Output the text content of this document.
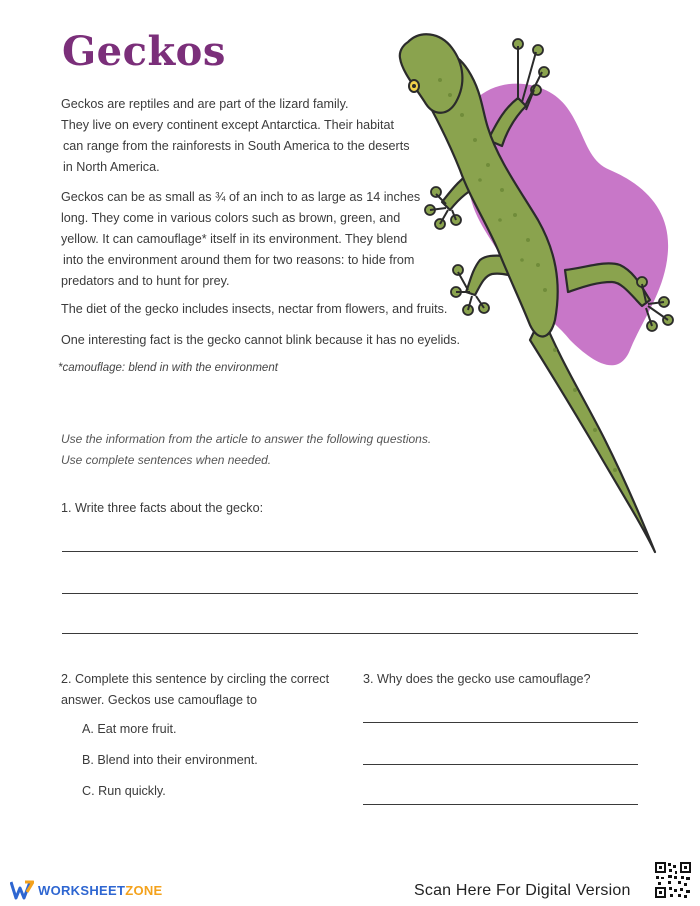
Geckos

Geckos are reptiles and are part of the lizard family.
They live on every continent except Antarctica. Their habitat
can range from the rainforests in South America to the deserts
in North America.

Geckos can be as small as ¾ of an inch to as large as 14 inches
long. They come in various colors such as brown, green, and
yellow. It can camouflage* itself in its environment. They blend
into the environment around them for two reasons: to hide from
predators and to hunt for prey.

The diet of the gecko includes insects, nectar from flowers, and fruits.

One interesting fact is the gecko cannot blink because it has no eyelids.

*camouflage: blend in with the environment

Use the information from the article to answer the following questions.
Use complete sentences when needed.

1. Write three facts about the gecko:

2. Complete this sentence by circling the correct
answer. Geckos use camouflage to

A. Eat more fruit.

B. Blend into their environment.

C. Run quickly.

3. Why does the gecko use camouflage?

WORKSHEETZONE	Scan Here For Digital Version
